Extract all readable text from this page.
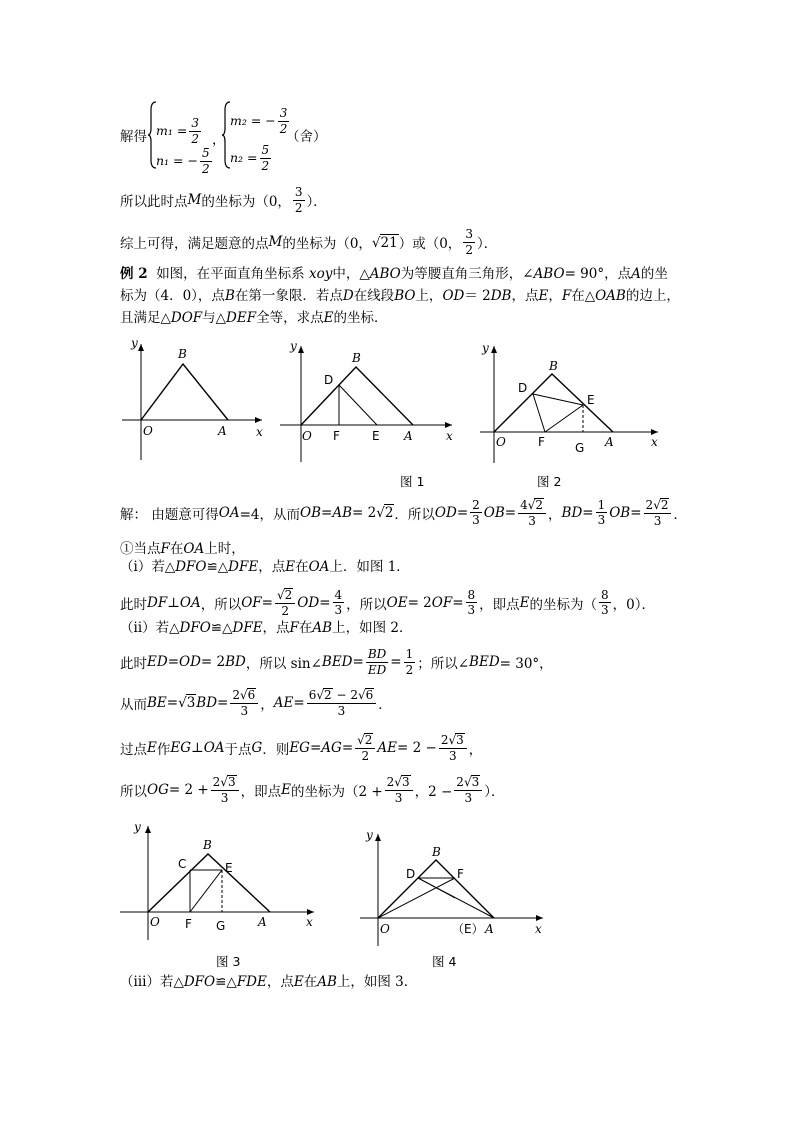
解得 $m_1 = \frac{3}{2}$
n₁ = − $\frac{5}{2}$
，
m₂ = − $\frac{3}{2}$
$n_2 = \frac{5}{2}$
（舍）
所以此时点 M 的坐标为（0，
3
2 ）．
综上可得，满足题意的点 M 的坐标为（0， √21 ）或（0，
3
2 ）．
例 2 如图，在平面直角坐标系 xoy中，△ABO为等腰直角三角形，∠ABO= 90°，点A的坐
标为（4．0），点B在第一象限．若点D在线段BO上，OD＝ 2DB，点E，F在△OAB的边上，
且满足△DOF与△DEF全等，求点E的坐标．
y
x
O	A
B
y
x
O	A
B
D
F	E
y
x
O	A
B
D
E
F	G
y
x
O	A
B
C	E
F G
y
x
O	A
B
D	F
（E）
图 1	图 2
图 3	图 4
解：
由题意可得 OA =4，从而 OB=AB = 2 √2 ．所以 OD = $\frac{2}{3}$ OB = $\frac{4√2}{3}$ ， BD = $\frac{1}{3}$ OB = $\frac{2√2}{3}$ ．
①当点F在OA上时，
（ⅰ）若△DFO≌△DFE，点E在OA上．如图 1．
此时 DF ⊥ OA ，所以 OF = $\frac{√2}{2}$ OD = $\frac{4}{3}$ ，所以 OE = 2 OF = $\frac{8}{3}$ ，即点 E 的坐标为（
8
3 ，0）．
（ⅱ）若△DFO≌△DFE，点F在AB上，如图 2．
此时 ED = OD = 2 BD ，所以 sin∠ BED = $\frac{BD}{ED} = \frac{1}{2}$ ；所以∠ BED = 30°，
从而 BE = √3 BD = $\frac{2√6}{3}$ ， AE = $\frac{6√2 - 2√6}{3}$ ．
过点 E 作 EG ⊥ OA 于点 G ．则 $EG=AG = \frac{√2}{2}$ AE = $2 - \frac{2√3}{3}$ ，
所以 OG = $2 + \frac{2√3}{3}$ ，即点 E 的坐标为（$2 + \frac{2√3}{3}$ ，$2 - \frac{2√3}{3}$ ）．
（ⅲ）若△DFO≌△FDE，点E在AB上，如图 3．
